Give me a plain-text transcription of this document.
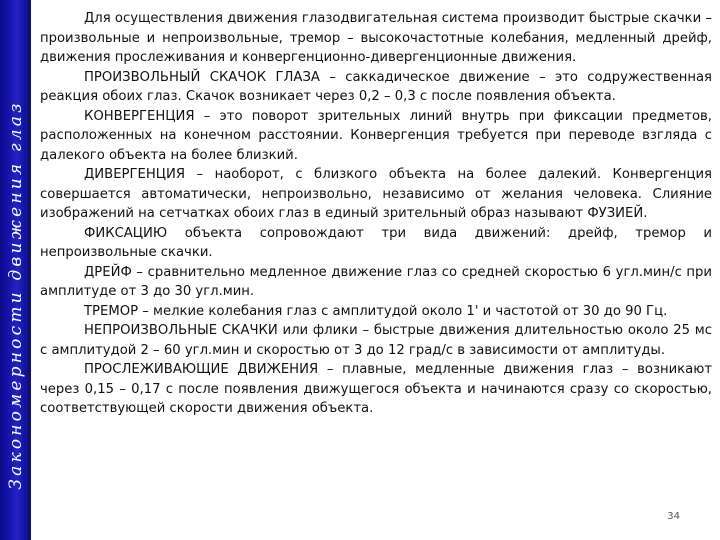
Закономерности движения глаз

Для осуществления движения глазодвигательная система производит быстрые скачки – произвольные и непроизвольные, тремор – высокочастотные колебания, медленный дрейф, движения прослеживания и конвергенционно-дивергенционные движения.

ПРОИЗВОЛЬНЫЙ СКАЧОК ГЛАЗА – саккадическое движение – это содружественная реакция обоих глаз. Скачок возникает через 0,2 – 0,3 с после появления объекта.

КОНВЕРГЕНЦИЯ – это поворот зрительных линий внутрь при фиксации предметов, расположенных на конечном расстоянии. Конвергенция требуется при переводе взгляда с далекого объекта на более близкий.

ДИВЕРГЕНЦИЯ – наоборот, с близкого объекта на более далекий. Конвергенция совершается автоматически, непроизвольно, независимо от желания человека. Слияние изображений на сетчатках обоих глаз в единый зрительный образ называют ФУЗИЕЙ.

ФИКСАЦИЮ объекта сопровождают три вида движений: дрейф, тремор и непроизвольные скачки.

ДРЕЙФ – сравнительно медленное движение глаз со средней скоростью 6 угл.мин/с при амплитуде от 3 до 30 угл.мин.

ТРЕМОР – мелкие колебания глаз с амплитудой около 1' и частотой от 30 до 90 Гц.

НЕПРОИЗВОЛЬНЫЕ СКАЧКИ или флики – быстрые движения длительностью около 25 мс с амплитудой 2 – 60 угл.мин и скоростью от 3 до 12 град/с в зависимости от амплитуды.

ПРОСЛЕЖИВАЮЩИЕ ДВИЖЕНИЯ – плавные, медленные движения глаз – возникают через 0,15 – 0,17 с после появления движущегося объекта и начинаются сразу со скоростью, соответствующей скорости движения объекта.

34
